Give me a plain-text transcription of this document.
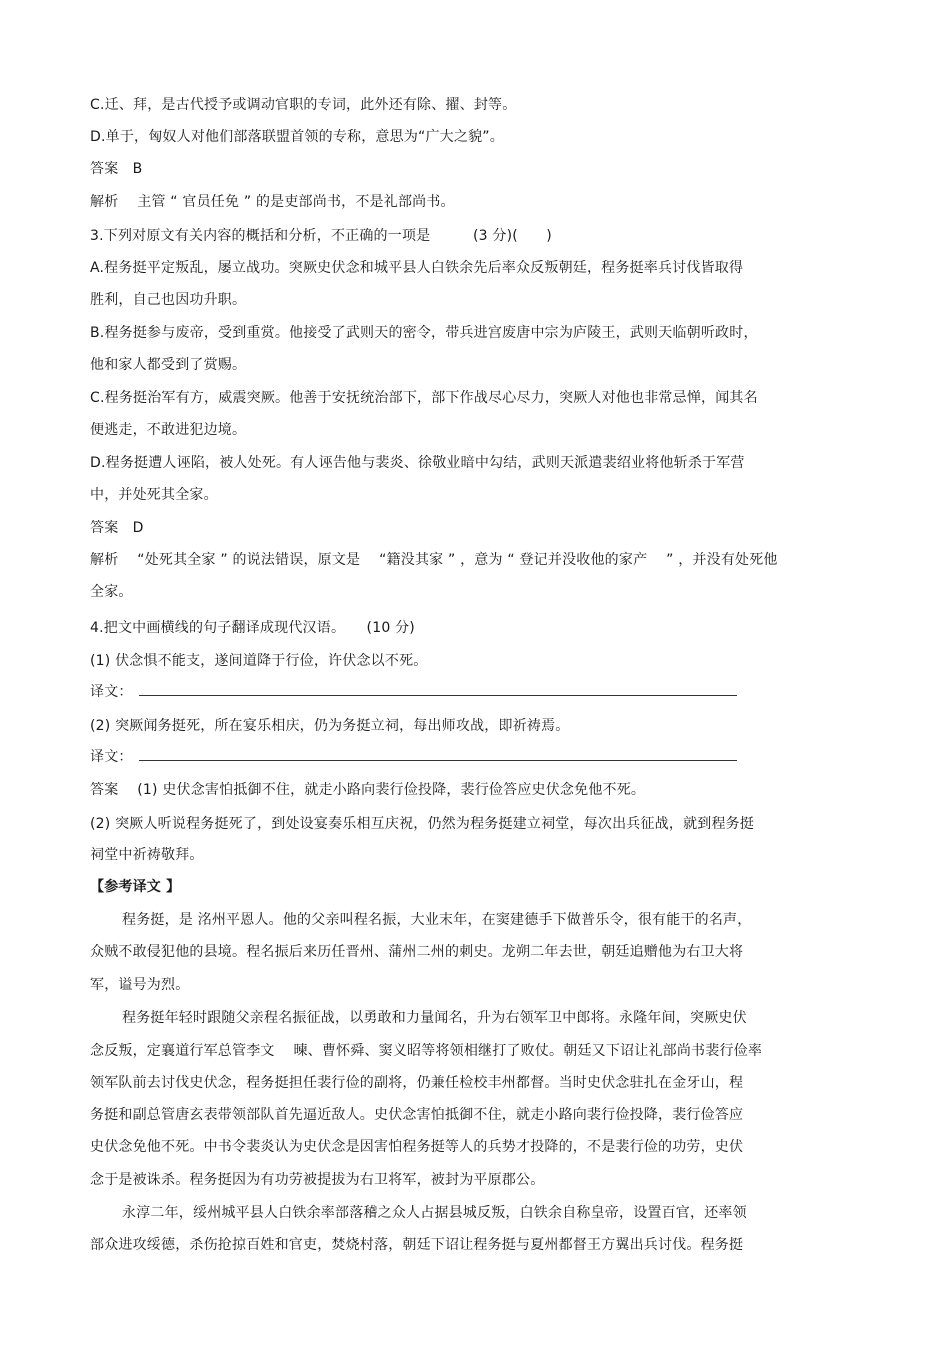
C.迁、拜，是古代授予或调动官职的专词，此外还有除、擢、封等。
D.单于，匈奴人对他们部落联盟首领的专称，意思为“广大之貌”。
答案　B
解析　 主管 “ 官员任免 ” 的是吏部尚书，不是礼部尚书。
3.下列对原文有关内容的概括和分析，不正确的一项是　　　(3 分)(　　)
A.程务挺平定叛乱，屡立战功。突厥史伏念和城平县人白铁余先后率众反叛朝廷，程务挺率兵讨伐皆取得
胜利，自己也因功升职。
B.程务挺参与废帝，受到重赏。他接受了武则天的密令，带兵进宫废唐中宗为庐陵王，武则天临朝听政时，
他和家人都受到了赏赐。
C.程务挺治军有方，威震突厥。他善于安抚统治部下，部下作战尽心尽力，突厥人对他也非常忌惮，闻其名
便逃走，不敢进犯边境。
D.程务挺遭人诬陷，被人处死。有人诬告他与裴炎、徐敬业暗中勾结，武则天派遣裴绍业将他斩杀于军营
中，并处死其全家。
答案　D
解析　 “处死其全家 ” 的说法错误，原文是　 “籍没其家 ” ，意为 “ 登记并没收他的家产　 ” ，并没有处死他
全家。
4.把文中画横线的句子翻译成现代汉语。　　(10 分)
(1) 伏念惧不能支，遂间道降于行俭，许伏念以不死。
译文：
(2) 突厥闻务挺死，所在宴乐相庆，仍为务挺立祠，每出师攻战，即祈祷焉。
译文：
答案　 (1) 史伏念害怕抵御不住，就走小路向裴行俭投降，裴行俭答应史伏念免他不死。
(2) 突厥人听说程务挺死了，到处设宴奏乐相互庆祝，仍然为程务挺建立祠堂，每次出兵征战，就到程务挺
祠堂中祈祷敬拜。
【参考译文 】
程务挺，是 洺州平恩人。他的父亲叫程名振，大业末年，在窦建德手下做普乐令，很有能干的名声，
众贼不敢侵犯他的县境。程名振后来历任晋州、蒲州二州的刺史。龙朔二年去世，朝廷追赠他为右卫大将
军，谥号为烈。
程务挺年轻时跟随父亲程名振征战，以勇敢和力量闻名，升为右领军卫中郎将。永隆年间，突厥史伏
念反叛，定襄道行军总管李文　 暕、曹怀舜、窦义昭等将领相继打了败仗。朝廷又下诏让礼部尚书裴行俭率
领军队前去讨伐史伏念，程务挺担任裴行俭的副将，仍兼任检校丰州都督。当时史伏念驻扎在金牙山，程
务挺和副总管唐玄表带领部队首先逼近敌人。史伏念害怕抵御不住，就走小路向裴行俭投降，裴行俭答应
史伏念免他不死。中书令裴炎认为史伏念是因害怕程务挺等人的兵势才投降的，不是裴行俭的功劳，史伏
念于是被诛杀。程务挺因为有功劳被提拔为右卫将军，被封为平原郡公。
永淳二年，绥州城平县人白铁余率部落稽之众人占据县城反叛，白铁余自称皇帝，设置百官，还率领
部众进攻绥德，杀伤抢掠百姓和官吏，焚烧村落，朝廷下诏让程务挺与夏州都督王方翼出兵讨伐。程务挺
